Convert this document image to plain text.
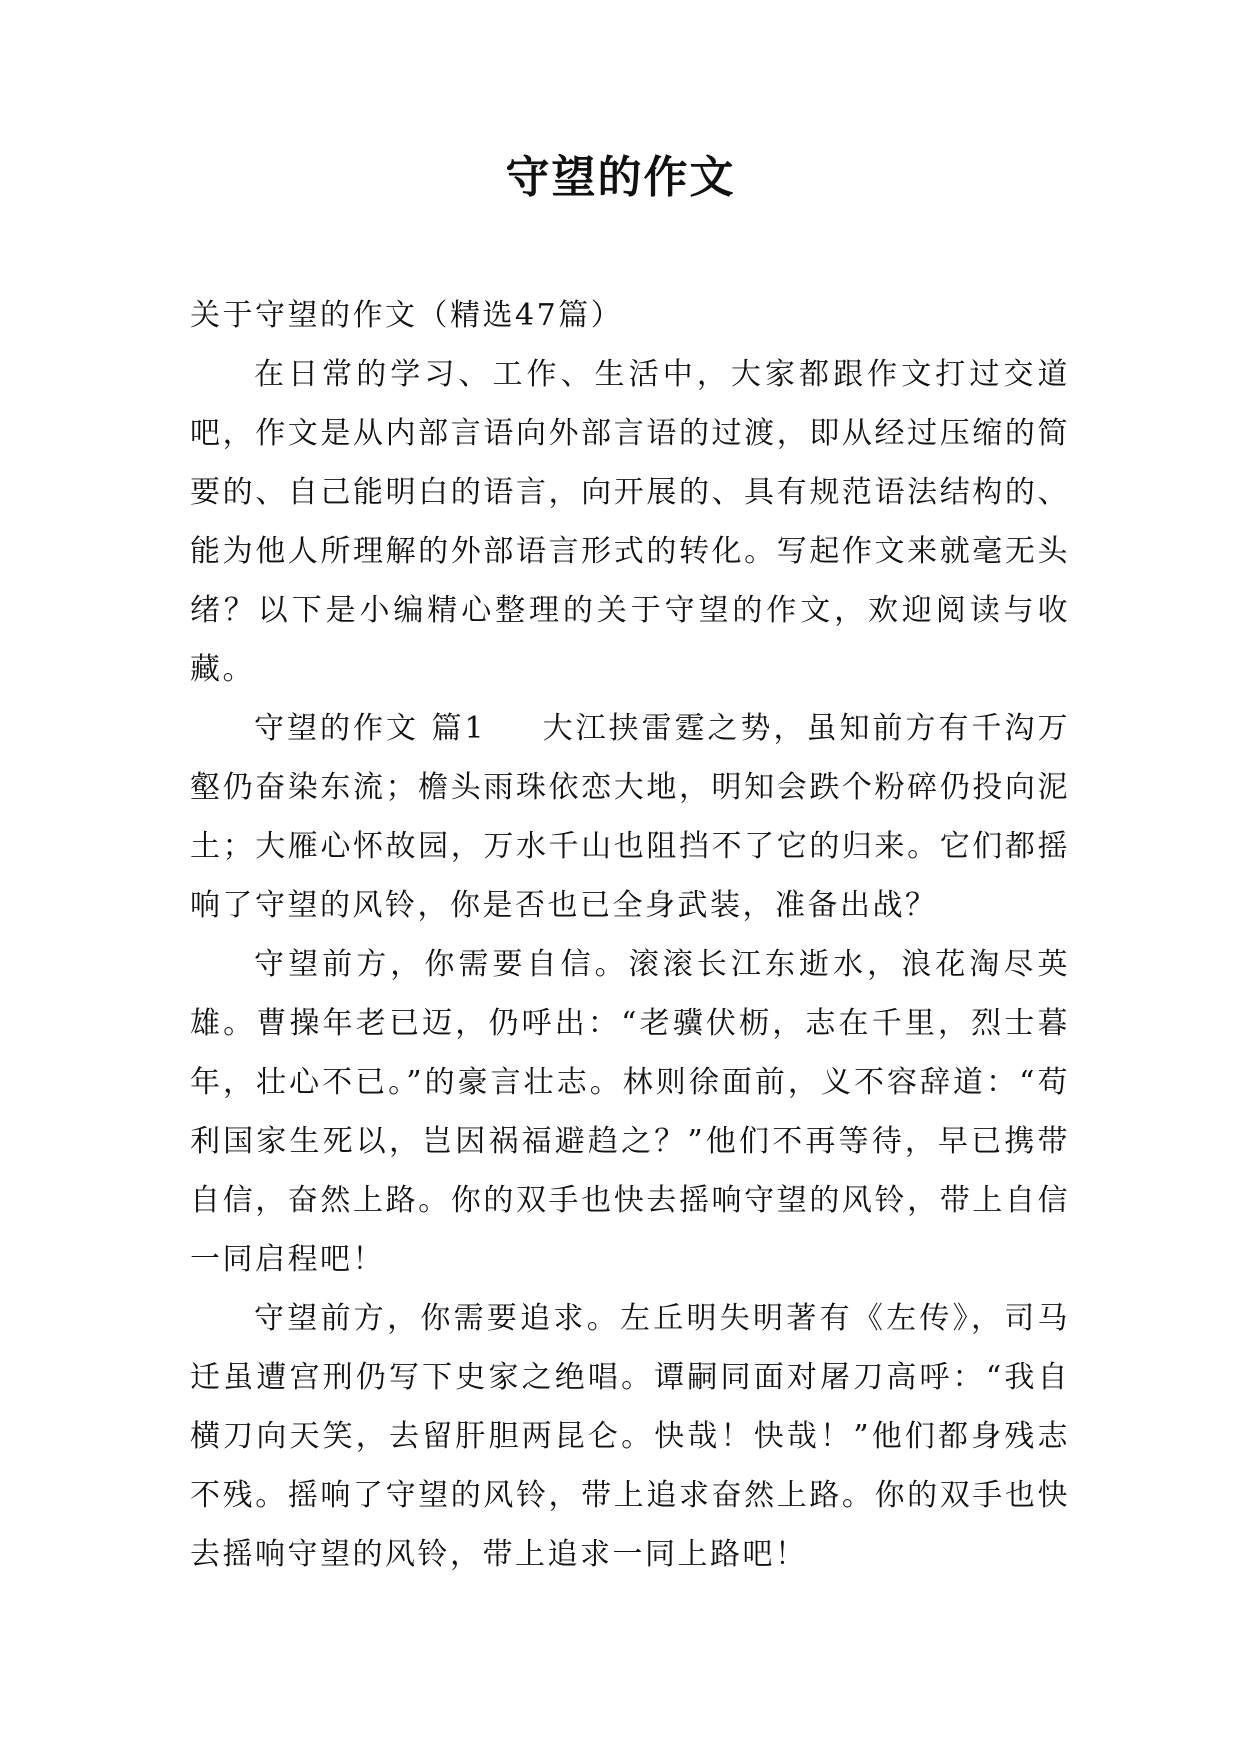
守望的作文

关于守望的作文（精选47篇）

在日常的学习、工作、生活中，大家都跟作文打过交道吧，作文是从内部言语向外部言语的过渡，即从经过压缩的简要的、自己能明白的语言，向开展的、具有规范语法结构的、能为他人所理解的外部语言形式的转化。写起作文来就毫无头绪？以下是小编精心整理的关于守望的作文，欢迎阅读与收藏。

守望的作文 篇1 大江挟雷霆之势，虽知前方有千沟万壑仍奋染东流；檐头雨珠依恋大地，明知会跌个粉碎仍投向泥土；大雁心怀故园，万水千山也阻挡不了它的归来。它们都摇响了守望的风铃，你是否也已全身武装，准备出战？

守望前方，你需要自信。滚滚长江东逝水，浪花淘尽英雄。曹操年老已迈，仍呼出：“老骥伏枥，志在千里，烈士暮年，壮心不已。”的豪言壮志。林则徐面前，义不容辞道：“苟利国家生死以，岂因祸福避趋之？”他们不再等待，早已携带自信，奋然上路。你的双手也快去摇响守望的风铃，带上自信一同启程吧！

守望前方，你需要追求。左丘明失明著有《左传》，司马迁虽遭宫刑仍写下史家之绝唱。谭嗣同面对屠刀高呼：“我自横刀向天笑，去留肝胆两昆仑。快哉！快哉！”他们都身残志不残。摇响了守望的风铃，带上追求奋然上路。你的双手也快去摇响守望的风铃，带上追求一同上路吧！
